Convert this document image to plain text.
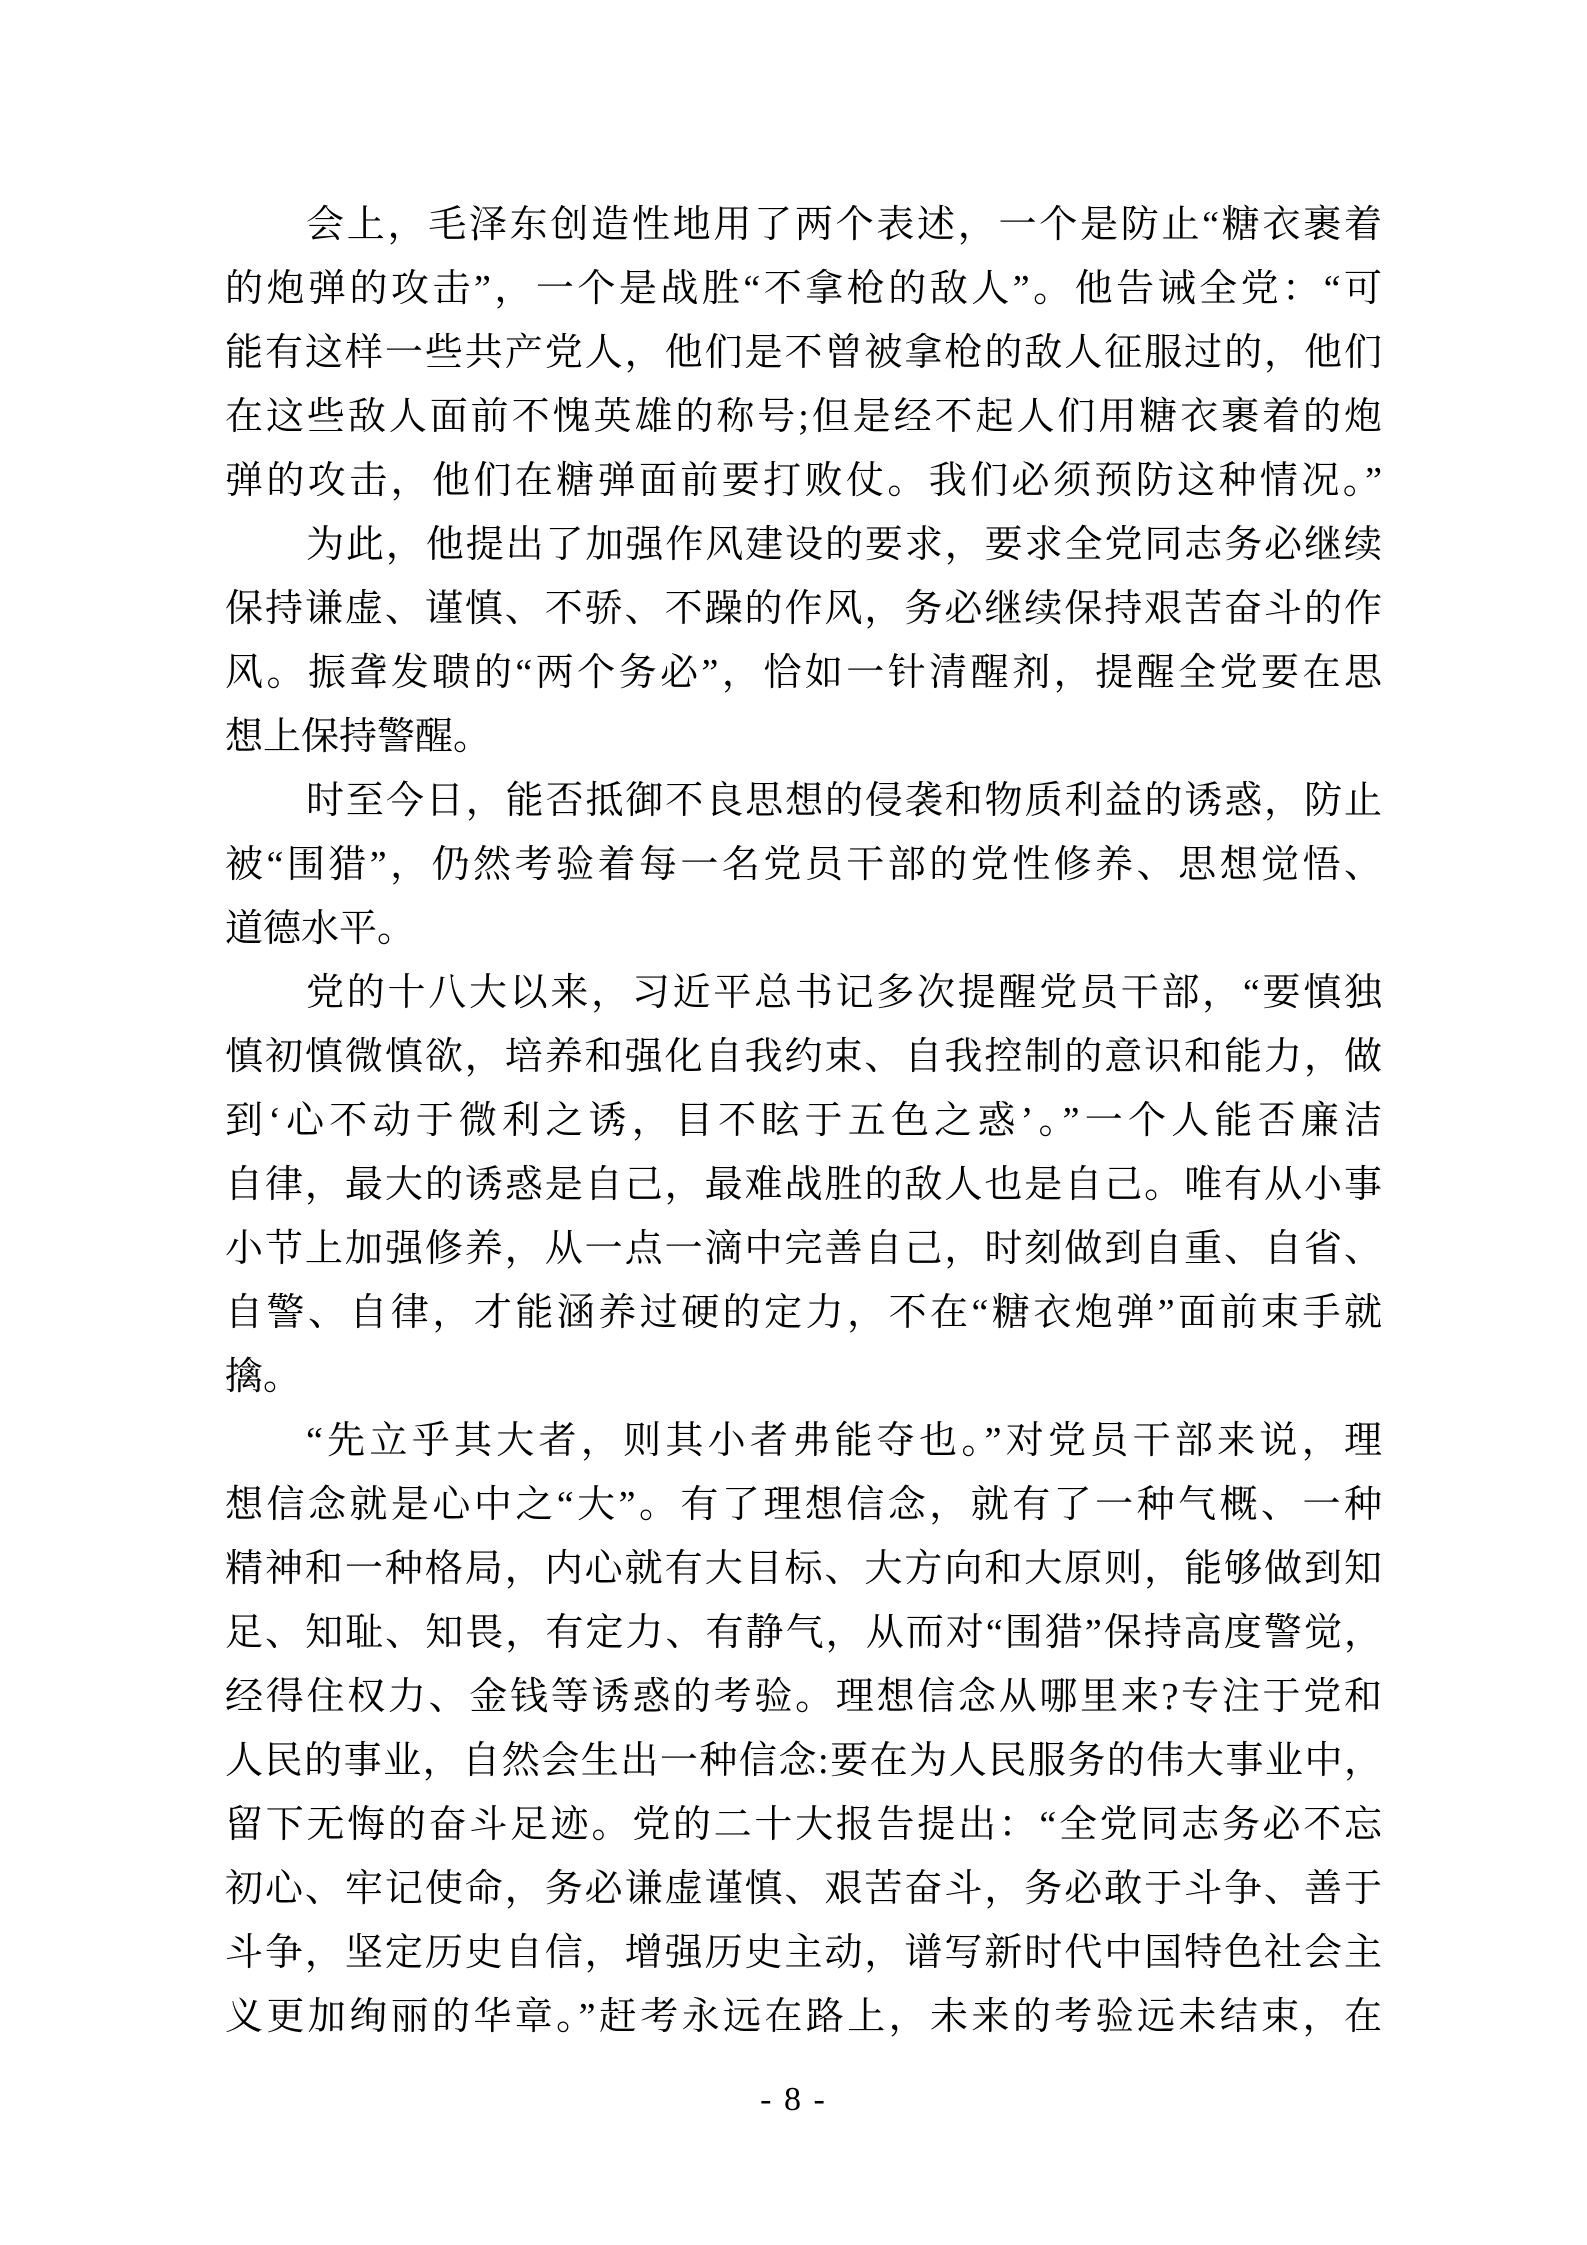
会上，毛泽东创造性地用了两个表述，一个是防止“糖衣裹着
的炮弹的攻击”，一个是战胜“不拿枪的敌人”。他告诫全党：“可
能有这样一些共产党人，他们是不曾被拿枪的敌人征服过的，他们
在这些敌人面前不愧英雄的称号;但是经不起人们用糖衣裹着的炮
弹的攻击，他们在糖弹面前要打败仗。我们必须预防这种情况。”
为此，他提出了加强作风建设的要求，要求全党同志务必继续
保持谦虚、谨慎、不骄、不躁的作风，务必继续保持艰苦奋斗的作
风。振聋发聩的“两个务必”，恰如一针清醒剂，提醒全党要在思
想上保持警醒。
时至今日，能否抵御不良思想的侵袭和物质利益的诱惑，防止
被“围猎”，仍然考验着每一名党员干部的党性修养、思想觉悟、
道德水平。
党的十八大以来，习近平总书记多次提醒党员干部，“要慎独
慎初慎微慎欲，培养和强化自我约束、自我控制的意识和能力，做
到‘心不动于微利之诱，目不眩于五色之惑’。”一个人能否廉洁
自律，最大的诱惑是自己，最难战胜的敌人也是自己。唯有从小事
小节上加强修养，从一点一滴中完善自己，时刻做到自重、自省、
自警、自律，才能涵养过硬的定力，不在“糖衣炮弹”面前束手就
擒。
“先立乎其大者，则其小者弗能夺也。”对党员干部来说，理
想信念就是心中之“大”。有了理想信念，就有了一种气概、一种
精神和一种格局，内心就有大目标、大方向和大原则，能够做到知
足、知耻、知畏，有定力、有静气，从而对“围猎”保持高度警觉，
经得住权力、金钱等诱惑的考验。理想信念从哪里来?专注于党和
人民的事业，自然会生出一种信念:要在为人民服务的伟大事业中，
留下无悔的奋斗足迹。党的二十大报告提出：“全党同志务必不忘
初心、牢记使命，务必谦虚谨慎、艰苦奋斗，务必敢于斗争、善于
斗争，坚定历史自信，增强历史主动，谱写新时代中国特色社会主
义更加绚丽的华章。”赶考永远在路上，未来的考验远未结束，在
- 8 -
